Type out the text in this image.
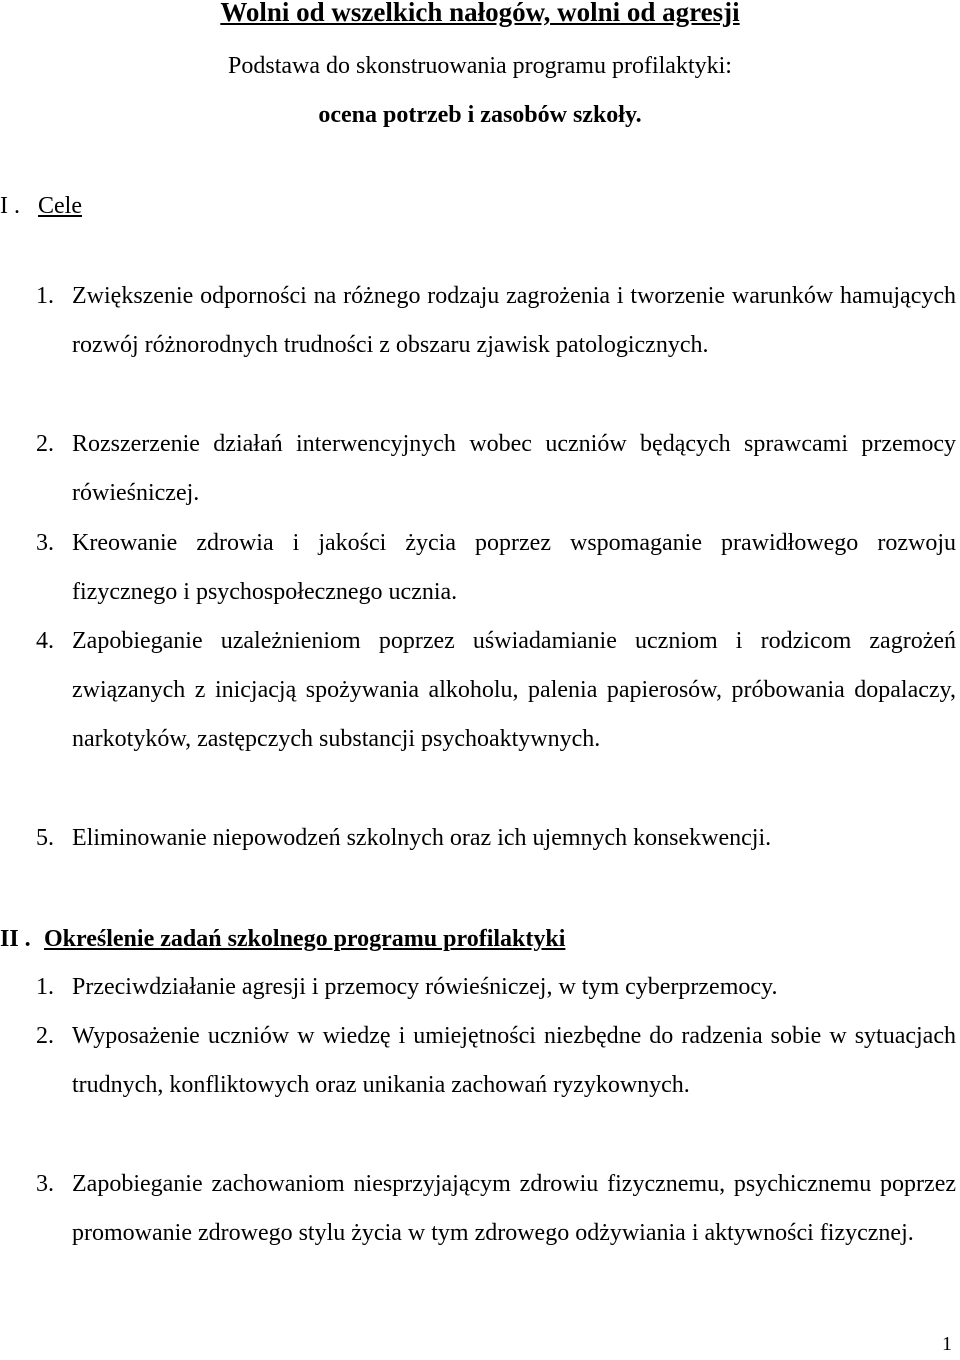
Wolni od wszelkich nałogów, wolni od agresji
Podstawa do skonstruowania programu profilaktyki:
ocena potrzeb i zasobów szkoły.
I . Cele
1. Zwiększenie odporności na różnego rodzaju zagrożenia i tworzenie warunków hamujących rozwój różnorodnych trudności z obszaru zjawisk patologicznych.
2. Rozszerzenie działań interwencyjnych wobec uczniów będących sprawcami przemocy rówieśniczej.
3. Kreowanie zdrowia i jakości życia poprzez wspomaganie prawidłowego rozwoju fizycznego i psychospołecznego ucznia.
4. Zapobieganie uzależnieniom poprzez uświadamianie uczniom i rodzicom zagrożeń związanych z inicjacją spożywania alkoholu, palenia papierosów, próbowania dopalaczy, narkotyków, zastępczych substancji psychoaktywnych.
5. Eliminowanie niepowodzeń szkolnych oraz ich ujemnych konsekwencji.
II . Określenie zadań szkolnego programu profilaktyki
1. Przeciwdziałanie agresji i przemocy rówieśniczej, w tym cyberprzemocy.
2. Wyposażenie uczniów w wiedzę i umiejętności niezbędne do radzenia sobie w sytuacjach trudnych, konfliktowych oraz unikania zachowań ryzykownych.
3. Zapobieganie zachowaniom niesprzyjającym zdrowiu fizycznemu, psychicznemu poprzez promowanie zdrowego stylu życia w tym zdrowego odżywiania i aktywności fizycznej.
1
